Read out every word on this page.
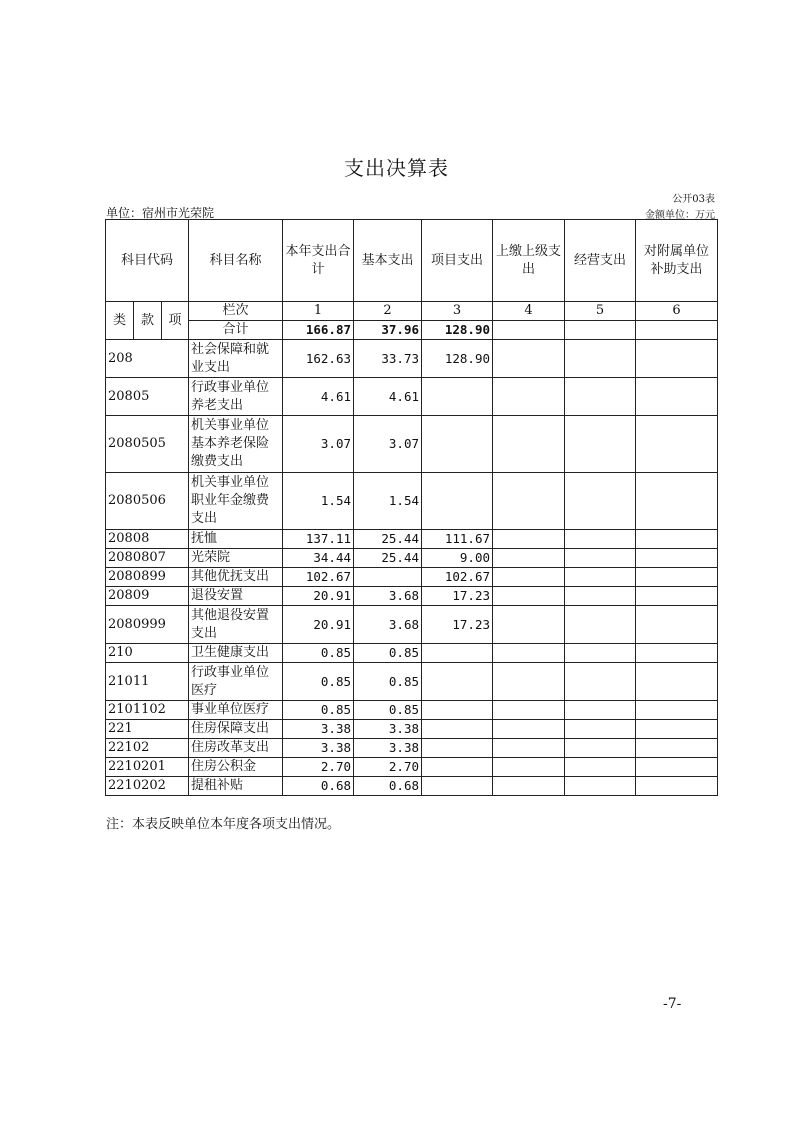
支出决算表
公开03表
单位：宿州市光荣院	金额单位：万元
科目代码			科目名称	本年支出合计	基本支出	项目支出	上缴上级支出	经营支出	对附属单位补助支出
类	款	项	栏次	1	2	3	4	5	6
			合计	166.87	37.96	128.90			
208			社会保障和就业支出	162.63	33.73	128.90			
20805			行政事业单位养老支出	4.61	4.61				
2080505			机关事业单位基本养老保险缴费支出	3.07	3.07				
2080506			机关事业单位职业年金缴费支出	1.54	1.54				
20808			抚恤	137.11	25.44	111.67			
2080807			光荣院	34.44	25.44	9.00			
2080899			其他优抚支出	102.67		102.67			
20809			退役安置	20.91	3.68	17.23			
2080999			其他退役安置支出	20.91	3.68	17.23			
210			卫生健康支出	0.85	0.85				
21011			行政事业单位医疗	0.85	0.85				
2101102			事业单位医疗	0.85	0.85				
221			住房保障支出	3.38	3.38				
22102			住房改革支出	3.38	3.38				
2210201			住房公积金	2.70	2.70				
2210202			提租补贴	0.68	0.68				
注：本表反映单位本年度各项支出情况。
-7-
